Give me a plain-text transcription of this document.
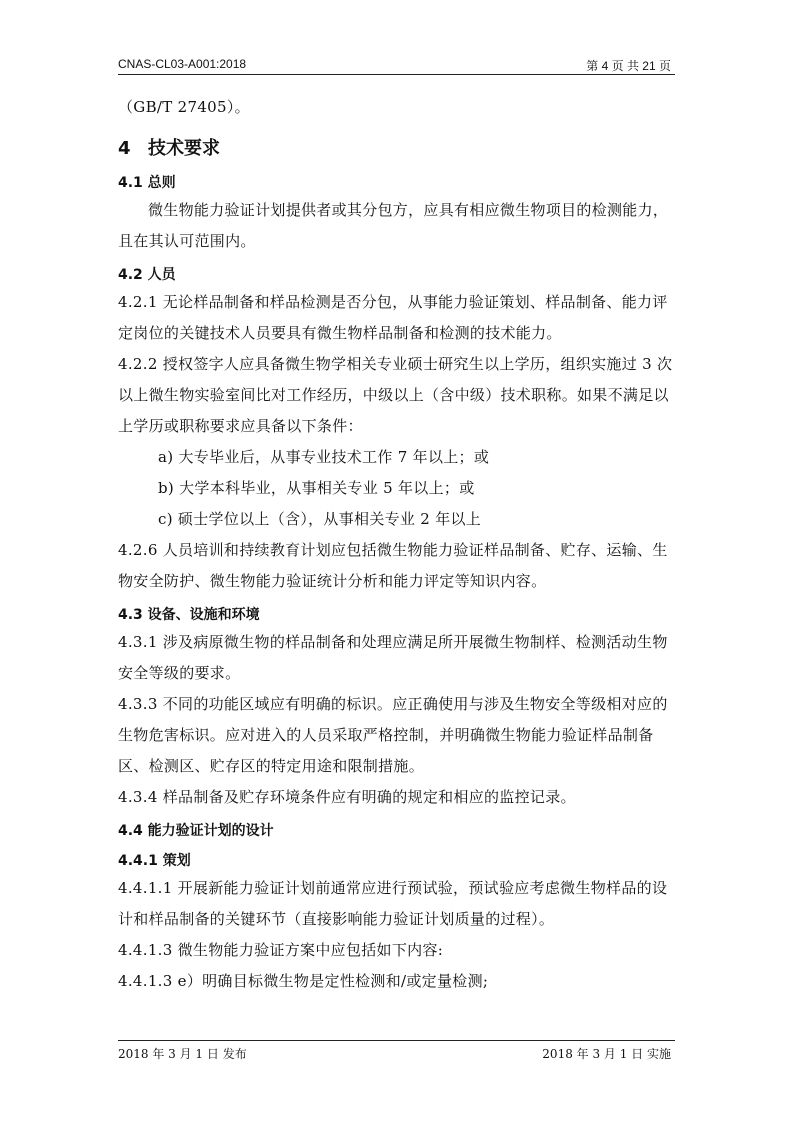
CNAS-CL03-A001:2018	第 4 页 共 21 页

（GB/T 27405）。

4 技术要求
4.1 总则

微生物能力验证计划提供者或其分包方，应具有相应微生物项目的检测能力，且在其认可范围内。

4.2 人员

4.2.1 无论样品制备和样品检测是否分包，从事能力验证策划、样品制备、能力评定岗位的关键技术人员要具有微生物样品制备和检测的技术能力。

4.2.2 授权签字人应具备微生物学相关专业硕士研究生以上学历，组织实施过 3 次以上微生物实验室间比对工作经历，中级以上（含中级）技术职称。如果不满足以上学历或职称要求应具备以下条件：

a) 大专毕业后，从事专业技术工作 7 年以上；或

b) 大学本科毕业，从事相关专业 5 年以上；或

c) 硕士学位以上（含），从事相关专业 2 年以上

4.2.6 人员培训和持续教育计划应包括微生物能力验证样品制备、贮存、运输、生物安全防护、微生物能力验证统计分析和能力评定等知识内容。

4.3 设备、设施和环境

4.3.1 涉及病原微生物的样品制备和处理应满足所开展微生物制样、检测活动生物安全等级的要求。

4.3.3 不同的功能区域应有明确的标识。应正确使用与涉及生物安全等级相对应的生物危害标识。应对进入的人员采取严格控制，并明确微生物能力验证样品制备区、检测区、贮存区的特定用途和限制措施。

4.3.4 样品制备及贮存环境条件应有明确的规定和相应的监控记录。

4.4 能力验证计划的设计
4.4.1 策划

4.4.1.1 开展新能力验证计划前通常应进行预试验，预试验应考虑微生物样品的设计和样品制备的关键环节（直接影响能力验证计划质量的过程）。

4.4.1.3 微生物能力验证方案中应包括如下内容:

4.4.1.3 e）明确目标微生物是定性检测和/或定量检测;

2018 年 3 月 1 日 发布	2018 年 3 月 1 日 实施
